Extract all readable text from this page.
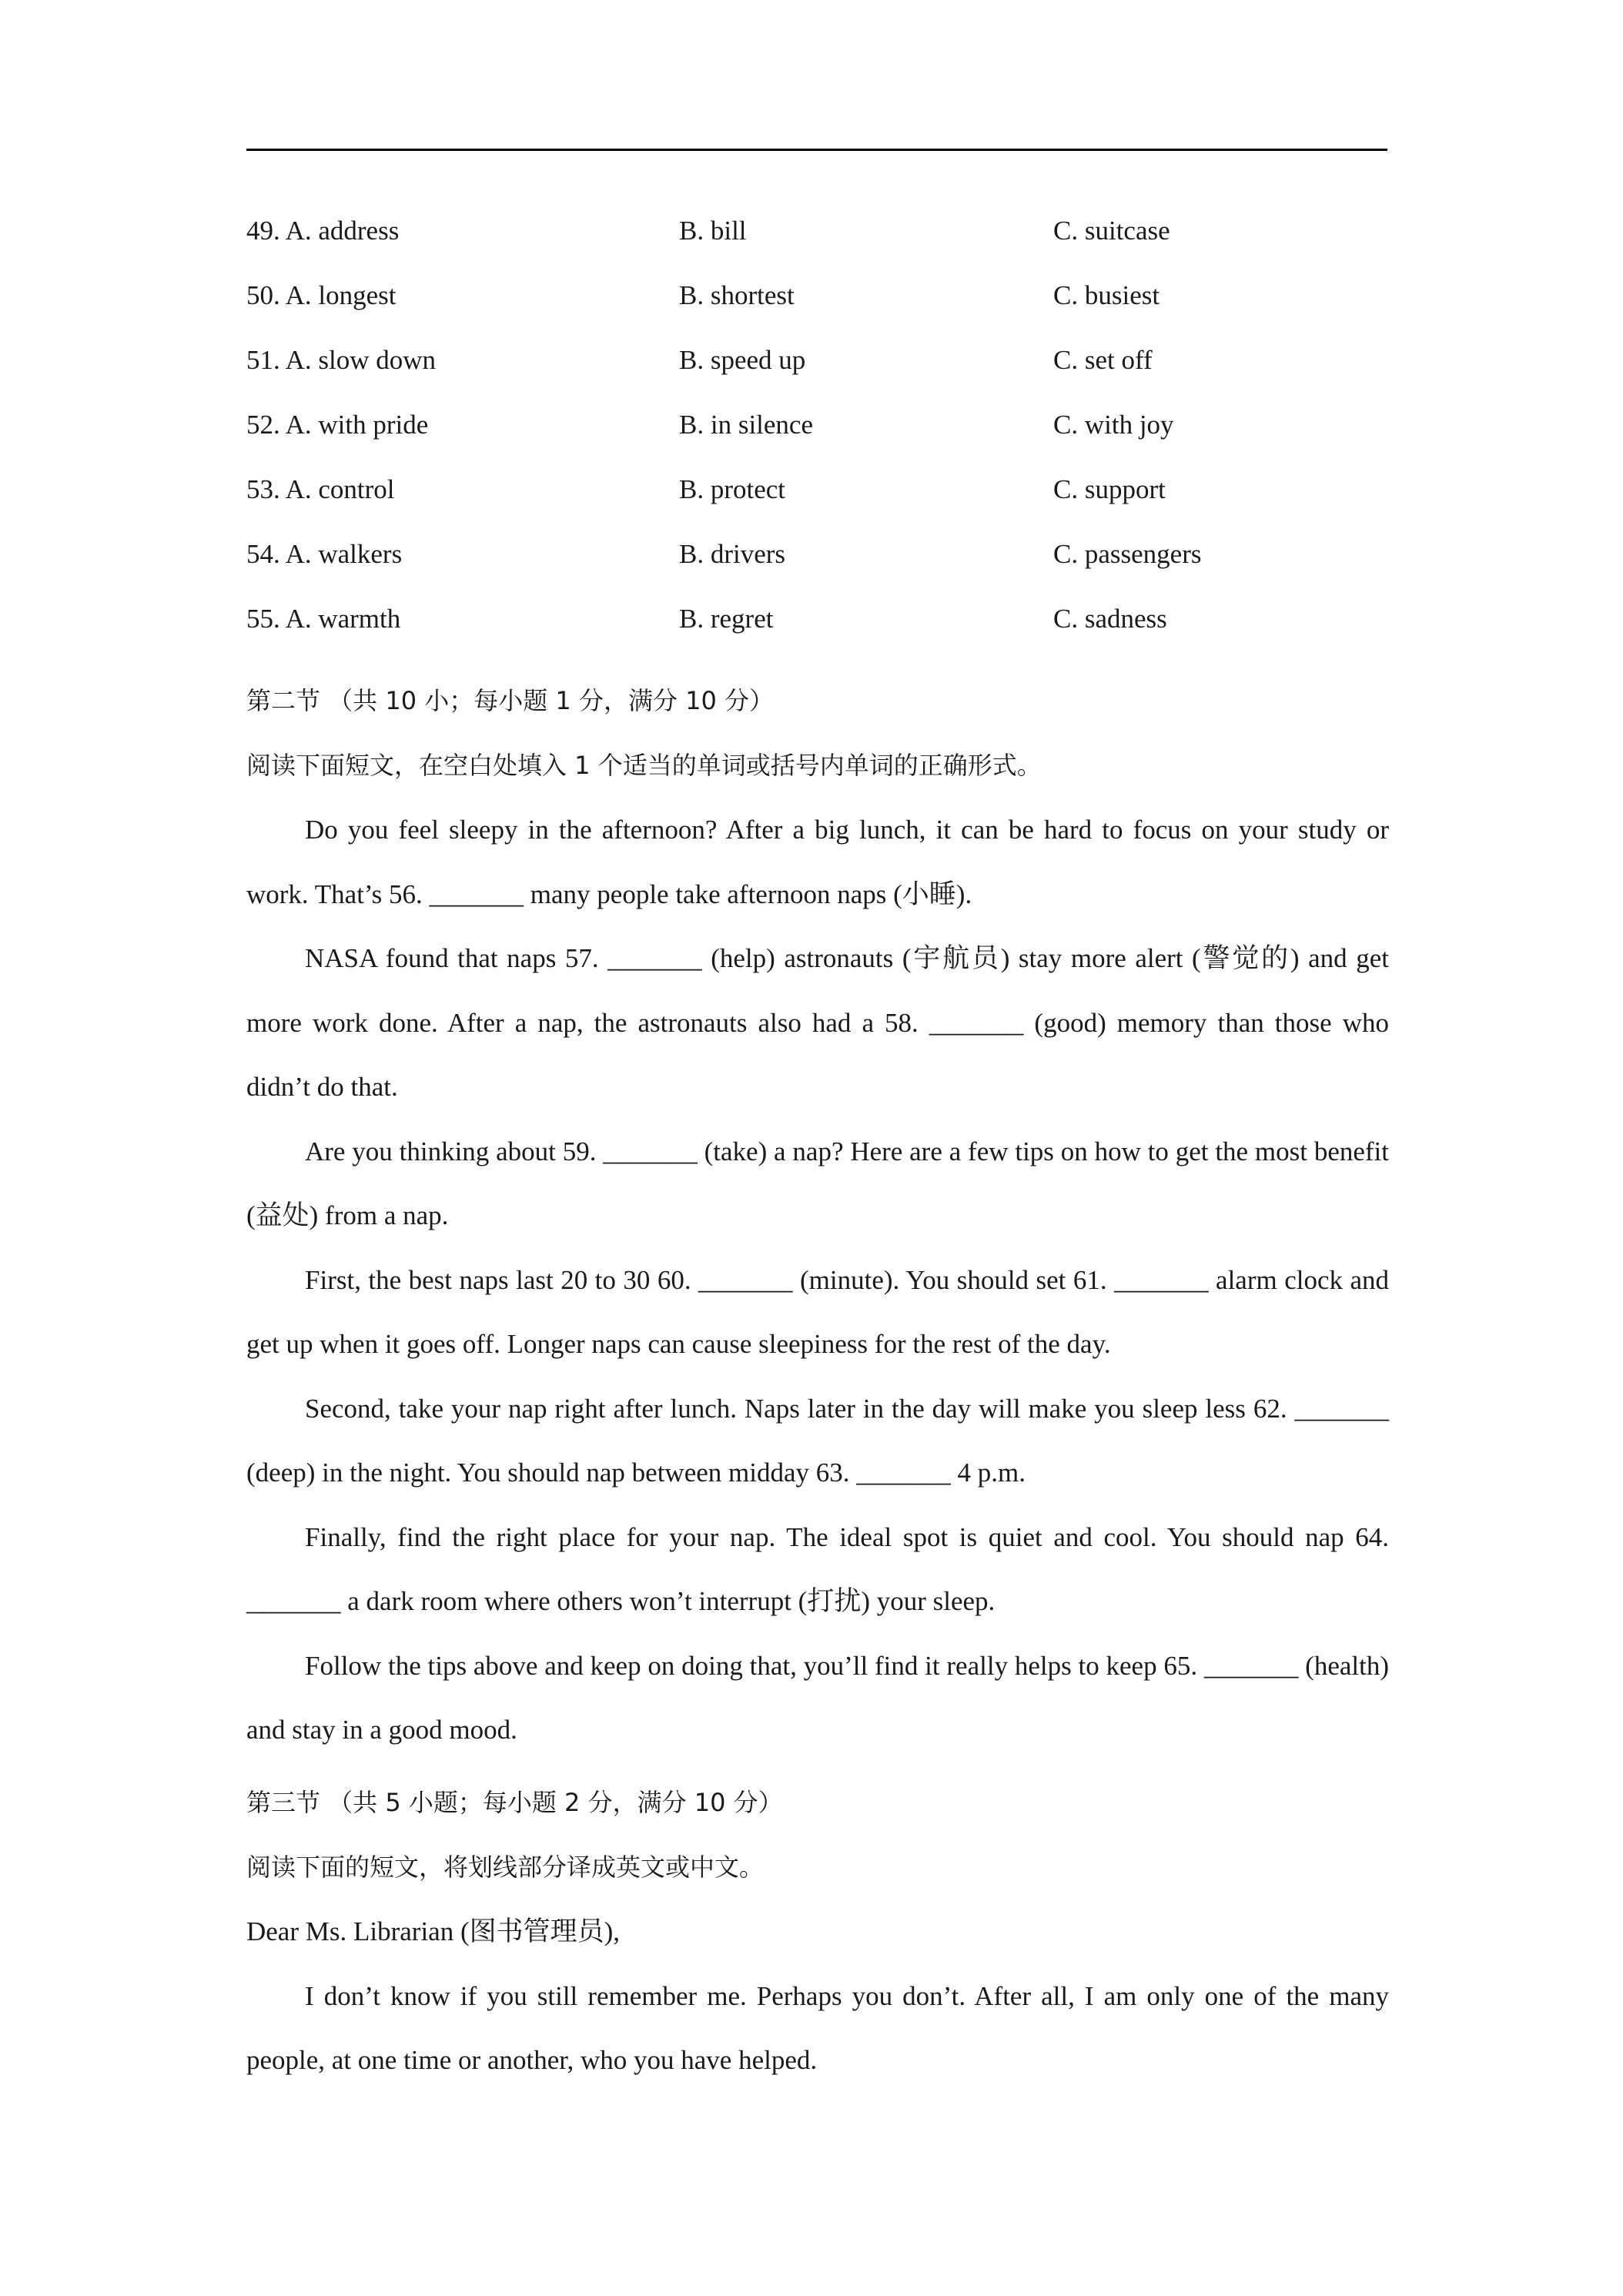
49. A. address	B. bill	C. suitcase
50. A. longest	B. shortest	C. busiest
51. A. slow down	B. speed up	C. set off
52. A. with pride	B. in silence	C. with joy
53. A. control	B. protect	C. support
54. A. walkers	B. drivers	C. passengers
55. A. warmth	B. regret	C. sadness
第二节 （共 10 小；每小题 1 分，满分 10 分）
阅读下面短文，在空白处填入 1 个适当的单词或括号内单词的正确形式。

Do you feel sleepy in the afternoon? After a big lunch, it can be hard to focus on your study or work. That’s 56. _______ many people take afternoon naps (小睡).

NASA found that naps 57. _______ (help) astronauts (宇航员) stay more alert (警觉的) and get more work done. After a nap, the astronauts also had a 58. _______ (good) memory than those who didn’t do that.

Are you thinking about 59. _______ (take) a nap? Here are a few tips on how to get the most benefit (益处) from a nap.

First, the best naps last 20 to 30 60. _______ (minute). You should set 61. _______ alarm clock and get up when it goes off. Longer naps can cause sleepiness for the rest of the day.

Second, take your nap right after lunch. Naps later in the day will make you sleep less 62. _______ (deep) in the night. You should nap between midday 63. _______ 4 p.m.

Finally, find the right place for your nap. The ideal spot is quiet and cool. You should nap 64. _______ a dark room where others won’t interrupt (打扰) your sleep.

Follow the tips above and keep on doing that, you’ll find it really helps to keep 65. _______ (health) and stay in a good mood.

第三节 （共 5 小题；每小题 2 分，满分 10 分）
阅读下面的短文，将划线部分译成英文或中文。

Dear Ms. Librarian (图书管理员),

I don’t know if you still remember me. Perhaps you don’t. After all, I am only one of the many people, at one time or another, who you have helped.
